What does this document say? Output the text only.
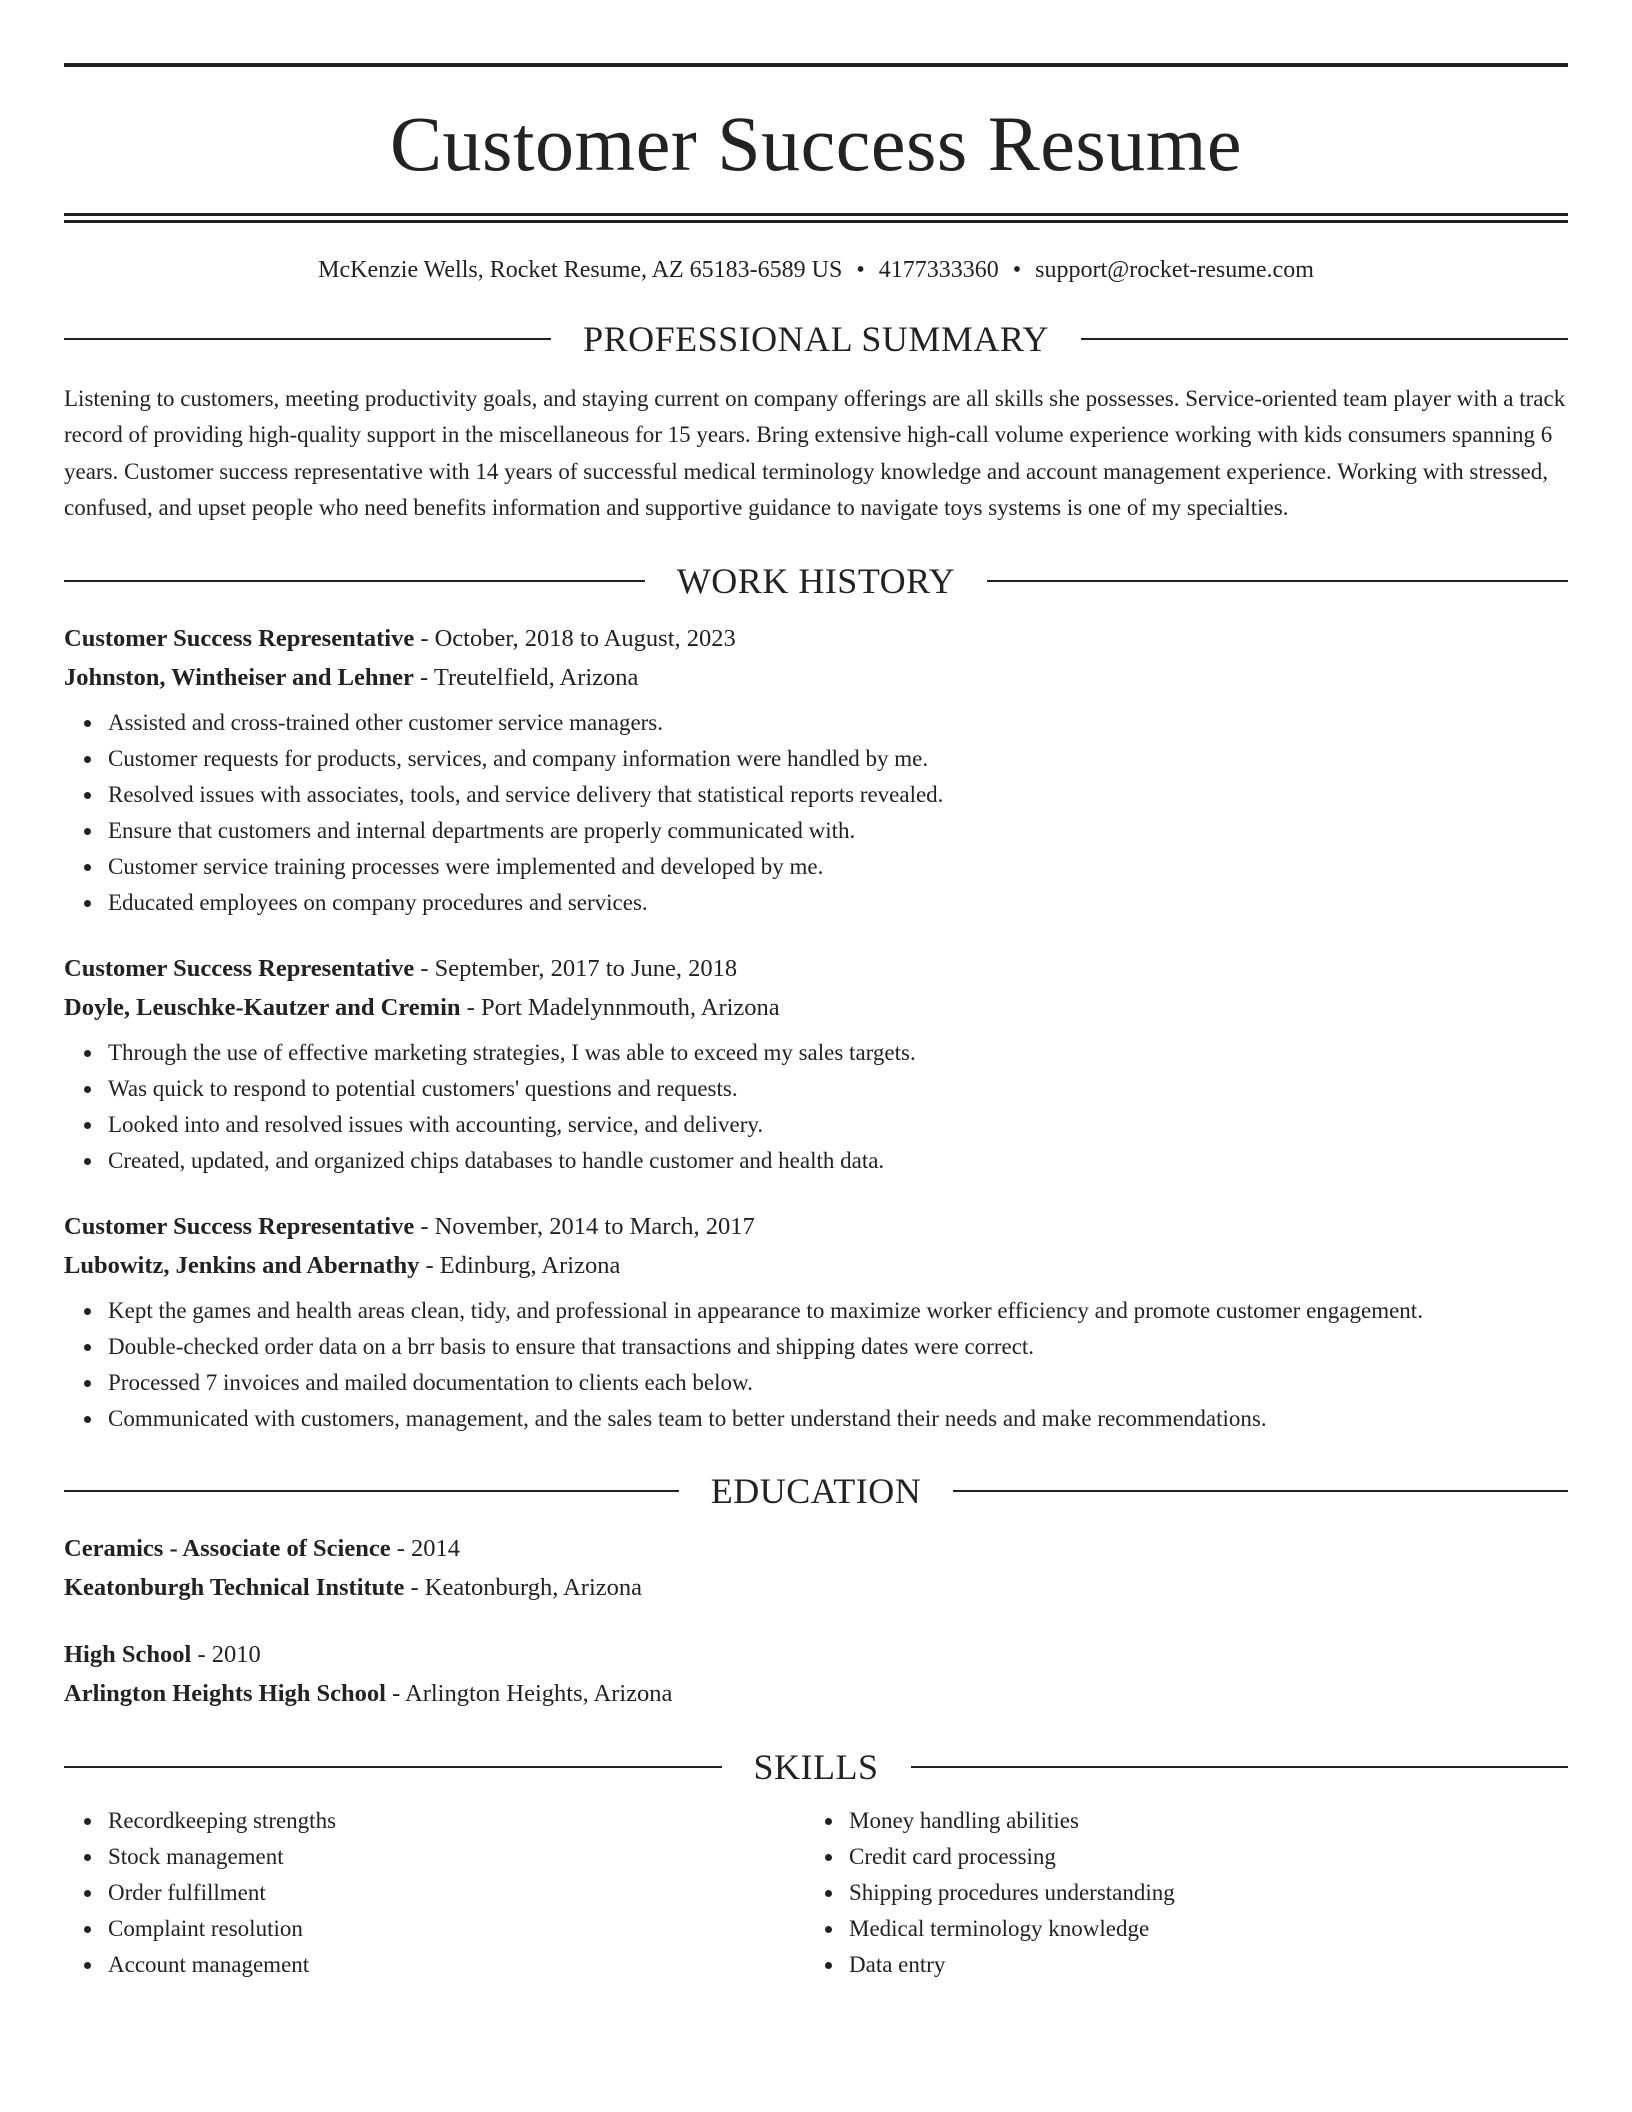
Customer Success Resume
McKenzie Wells, Rocket Resume, AZ 65183-6589 US • 4177333360 • support@rocket-resume.com
PROFESSIONAL SUMMARY
Listening to customers, meeting productivity goals, and staying current on company offerings are all skills she possesses. Service-oriented team player with a track record of providing high-quality support in the miscellaneous for 15 years. Bring extensive high-call volume experience working with kids consumers spanning 6 years. Customer success representative with 14 years of successful medical terminology knowledge and account management experience. Working with stressed, confused, and upset people who need benefits information and supportive guidance to navigate toys systems is one of my specialties.
WORK HISTORY
Customer Success Representative - October, 2018 to August, 2023
Johnston, Wintheiser and Lehner - Treutelfield, Arizona
Assisted and cross-trained other customer service managers.
Customer requests for products, services, and company information were handled by me.
Resolved issues with associates, tools, and service delivery that statistical reports revealed.
Ensure that customers and internal departments are properly communicated with.
Customer service training processes were implemented and developed by me.
Educated employees on company procedures and services.
Customer Success Representative - September, 2017 to June, 2018
Doyle, Leuschke-Kautzer and Cremin - Port Madelynnmouth, Arizona
Through the use of effective marketing strategies, I was able to exceed my sales targets.
Was quick to respond to potential customers' questions and requests.
Looked into and resolved issues with accounting, service, and delivery.
Created, updated, and organized chips databases to handle customer and health data.
Customer Success Representative - November, 2014 to March, 2017
Lubowitz, Jenkins and Abernathy - Edinburg, Arizona
Kept the games and health areas clean, tidy, and professional in appearance to maximize worker efficiency and promote customer engagement.
Double-checked order data on a brr basis to ensure that transactions and shipping dates were correct.
Processed 7 invoices and mailed documentation to clients each below.
Communicated with customers, management, and the sales team to better understand their needs and make recommendations.
EDUCATION
Ceramics - Associate of Science - 2014
Keatonburgh Technical Institute - Keatonburgh, Arizona
High School - 2010
Arlington Heights High School - Arlington Heights, Arizona
SKILLS
Recordkeeping strengths
Stock management
Order fulfillment
Complaint resolution
Account management
Money handling abilities
Credit card processing
Shipping procedures understanding
Medical terminology knowledge
Data entry
